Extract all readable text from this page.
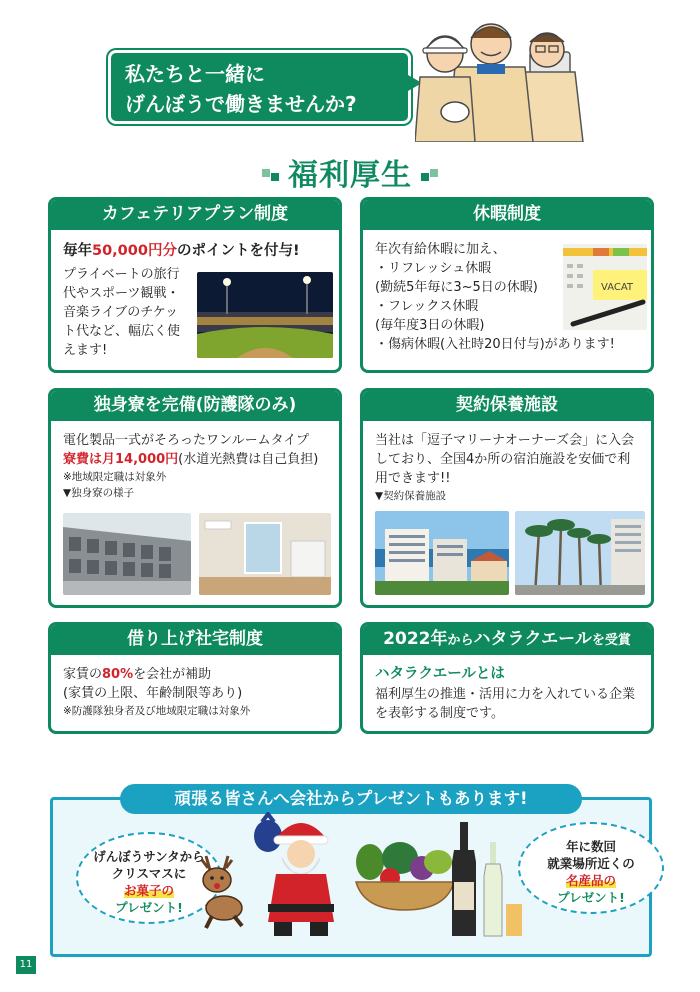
私たちと一緒に
げんぼうで働きませんか?
福利厚生
カフェテリアプラン制度
毎年50,000円分のポイントを付与!
プライベートの旅行代やスポーツ観戦・音楽ライブのチケット代など、幅広く使えます!
休暇制度
年次有給休暇に加え、
・リフレッシュ休暇
(勤続5年毎に3~5日の休暇)
・フレックス休暇
(毎年度3日の休暇)
・傷病休暇(入社時20日付与)があります!
VACAT
独身寮を完備(防護隊のみ)
電化製品一式がそろったワンルームタイプ
寮費は月14,000円(水道光熱費は自己負担)
※地域限定職は対象外
▼独身寮の様子
契約保養施設
当社は「逗子マリーナオーナーズ会」に入会しており、全国4か所の宿泊施設を安価で利用できます!!
▼契約保養施設
借り上げ社宅制度
家賃の80%を会社が補助
(家賃の上限、年齢制限等あり)
※防護隊独身者及び地域限定職は対象外
2022年からハタラクエールを受賞
ハタラクエールとは
福利厚生の推進・活用に力を入れている企業を表彰する制度です。
頑張る皆さんへ会社からプレゼントもあります!
げんぼうサンタから
クリスマスに
お菓子の
プレゼント!
年に数回
就業場所近くの
名産品の
プレゼント!
11
